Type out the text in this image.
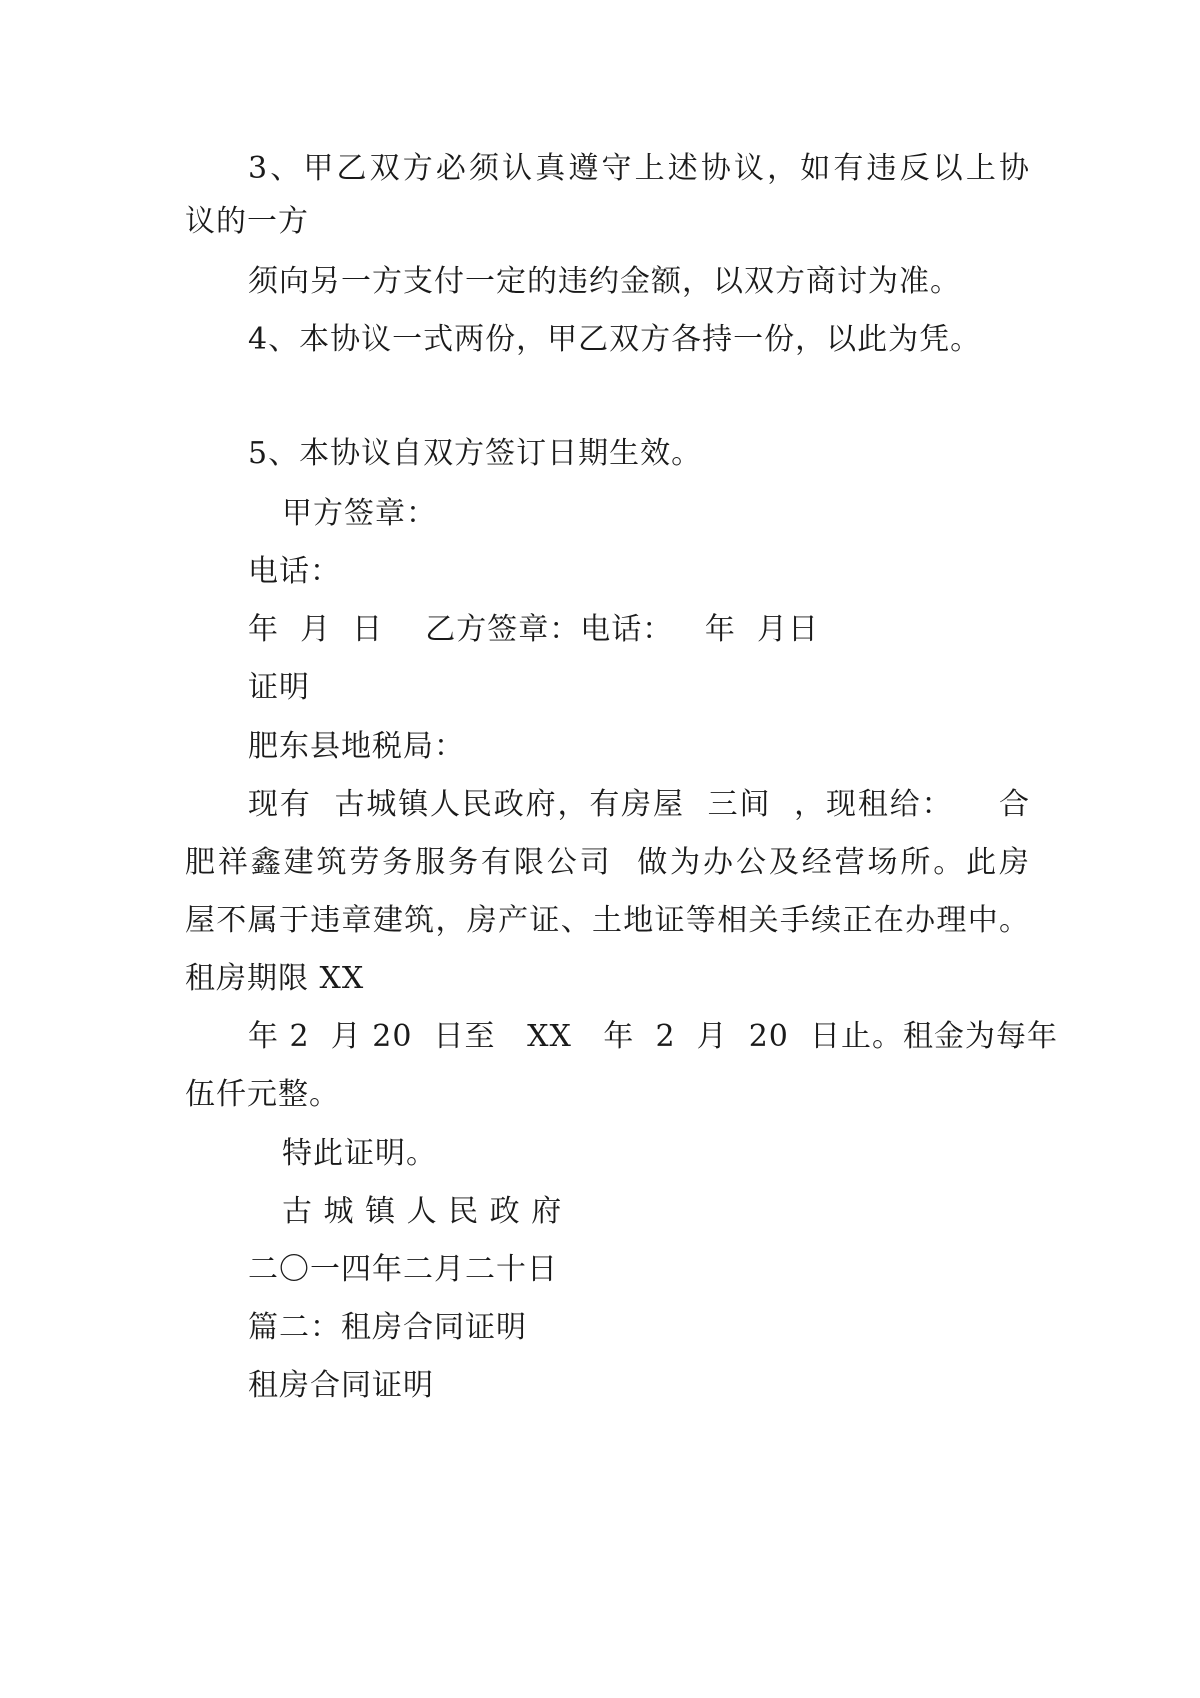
3、甲乙双方必须认真遵守上述协议，如有违反以上协
议的一方
须向另一方支付一定的违约金额，以双方商讨为准。
4、本协议一式两份，甲乙双方各持一份，以此为凭。
5、本协议自双方签订日期生效。
甲方签章：
电话：
年  月  日    乙方签章：电话：   年  月日
证明
肥东县地税局：
现有  古城镇人民政府，有房屋  三间  ，现租给：    合
肥祥鑫建筑劳务服务有限公司  做为办公及经营场所。此房
屋不属于违章建筑，房产证、土地证等相关手续正在办理中。
租房期限 XX
年 2  月 20  日至   XX   年  2  月  20  日止。租金为每年
伍仟元整。
特此证明。
古 城 镇 人 民 政 府
二〇一四年二月二十日
篇二：租房合同证明
租房合同证明
